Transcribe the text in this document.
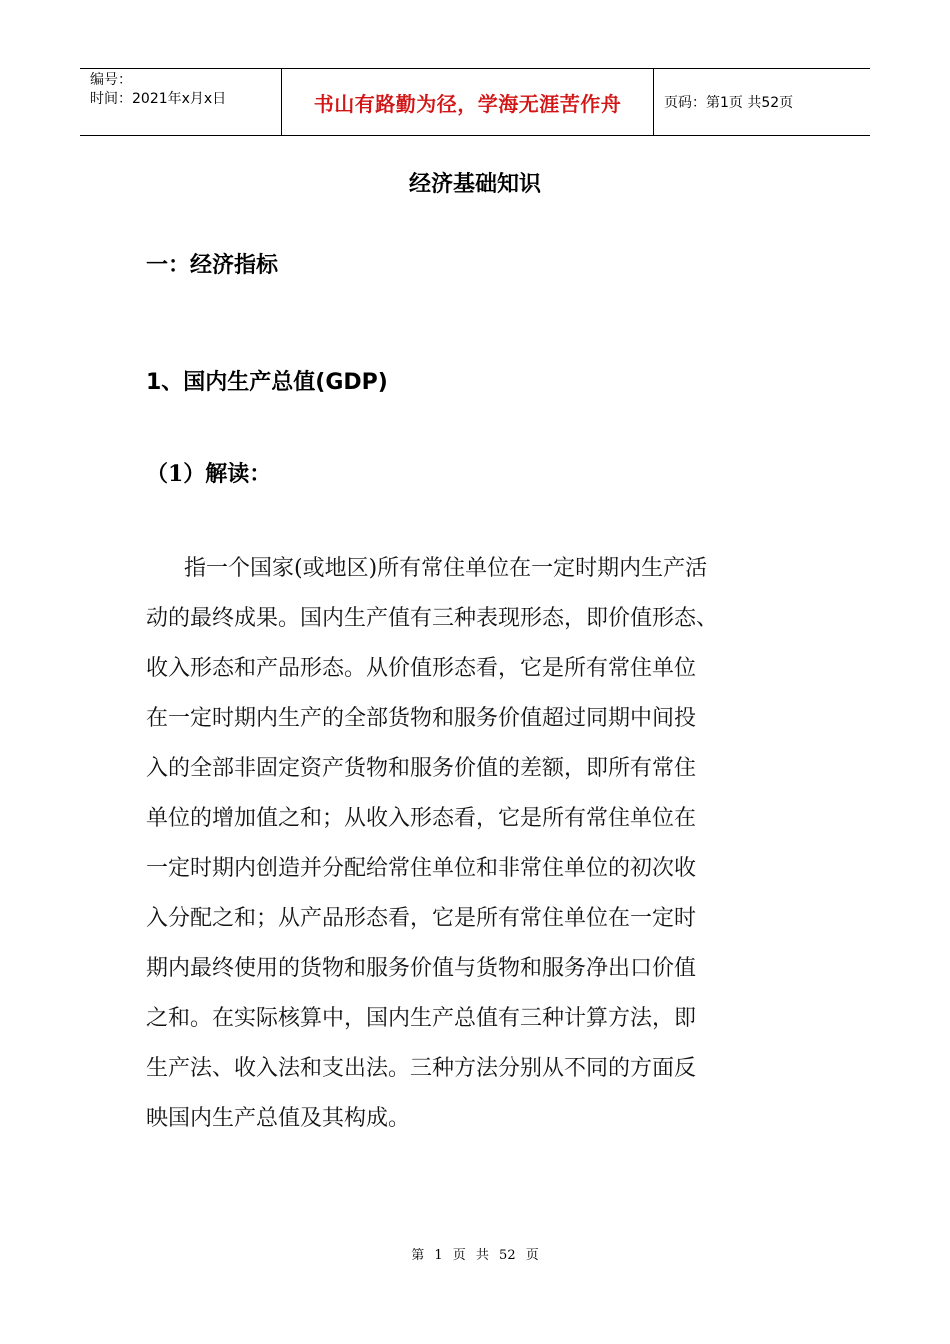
编号：
时间：2021年x月x日	书山有路勤为径，学海无涯苦作舟	页码：第1页 共52页
经济基础知识
一：经济指标
1、国内生产总值(GDP)
（1）解读：
指一个国家(或地区)所有常住单位在一定时期内生产活
动的最终成果。国内生产值有三种表现形态，即价值形态、
收入形态和产品形态。从价值形态看，它是所有常住单位
在一定时期内生产的全部货物和服务价值超过同期中间投
入的全部非固定资产货物和服务价值的差额，即所有常住
单位的增加值之和；从收入形态看，它是所有常住单位在
一定时期内创造并分配给常住单位和非常住单位的初次收
入分配之和；从产品形态看，它是所有常住单位在一定时
期内最终使用的货物和服务价值与货物和服务净出口价值
之和。在实际核算中，国内生产总值有三种计算方法，即
生产法、收入法和支出法。三种方法分别从不同的方面反
映国内生产总值及其构成。
第 1 页 共 52 页
